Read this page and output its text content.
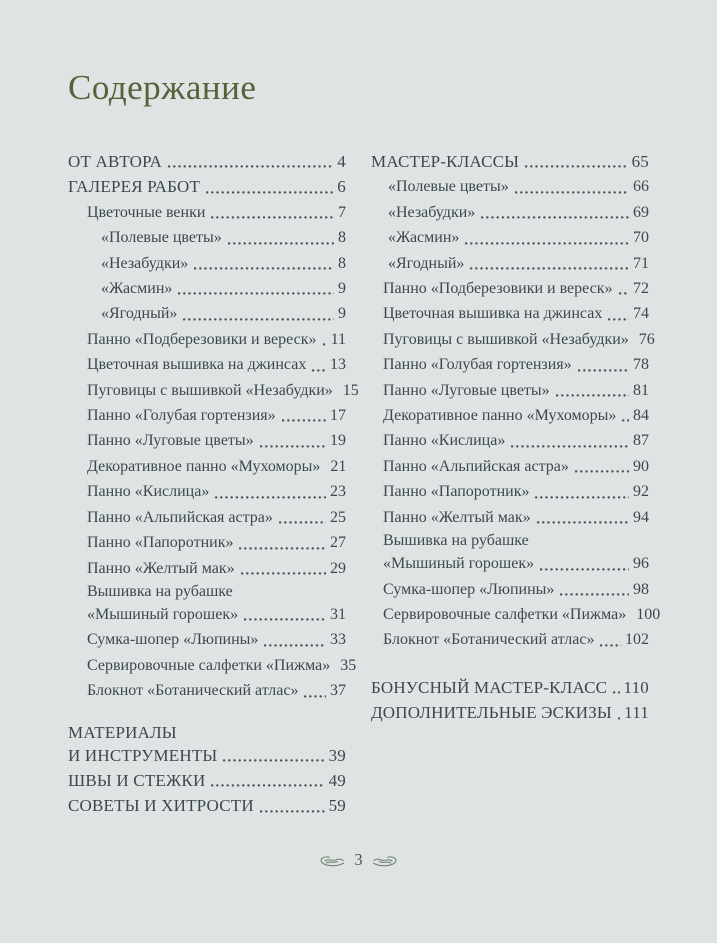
Содержание
ОТ АВТОРА	4
ГАЛЕРЕЯ РАБОТ	6
Цветочные венки	7
«Полевые цветы»	8
«Незабудки»	8
«Жасмин»	9
«Ягодный»	9
Панно «Подберезовики и вереск» 11
Цветочная вышивка на джинсах 13
Пуговицы с вышивкой «Незабудки» 15
Панно «Голубая гортензия»	17
Панно «Луговые цветы»	19
Декоративное панно «Мухоморы» 21
Панно «Кислица»	23
Панно «Альпийская астра»	25
Панно «Папоротник»	27
Панно «Желтый мак»	29
Вышивка на рубашке
«Мышиный горошек»	31
Сумка-шопер «Люпины»	33
Сервировочные салфетки «Пижма» 35
Блокнот «Ботанический атлас» 37
МАТЕРИАЛЫ
И ИНСТРУМЕНТЫ	39
ШВЫ И СТЕЖКИ	49
СОВЕТЫ И ХИТРОСТИ	59
МАСТЕР-КЛАССЫ	65
«Полевые цветы»	66
«Незабудки»	69
«Жасмин»	70
«Ягодный»	71
Панно «Подберезовики и вереск» 72
Цветочная вышивка на джинсах 74
Пуговицы с вышивкой «Незабудки» 76
Панно «Голубая гортензия»	78
Панно «Луговые цветы»	81
Декоративное панно «Мухоморы» 84
Панно «Кислица»	87
Панно «Альпийская астра»	90
Панно «Папоротник»	92
Панно «Желтый мак»	94
Вышивка на рубашке
«Мышиный горошек»	96
Сумка-шопер «Люпины»	98
Сервировочные салфетки «Пижма» 100
Блокнот «Ботанический атлас» 102
БОНУСНЫЙ МАСТЕР-КЛАСС 110
ДОПОЛНИТЕЛЬНЫЕ ЭСКИЗЫ 111
3
